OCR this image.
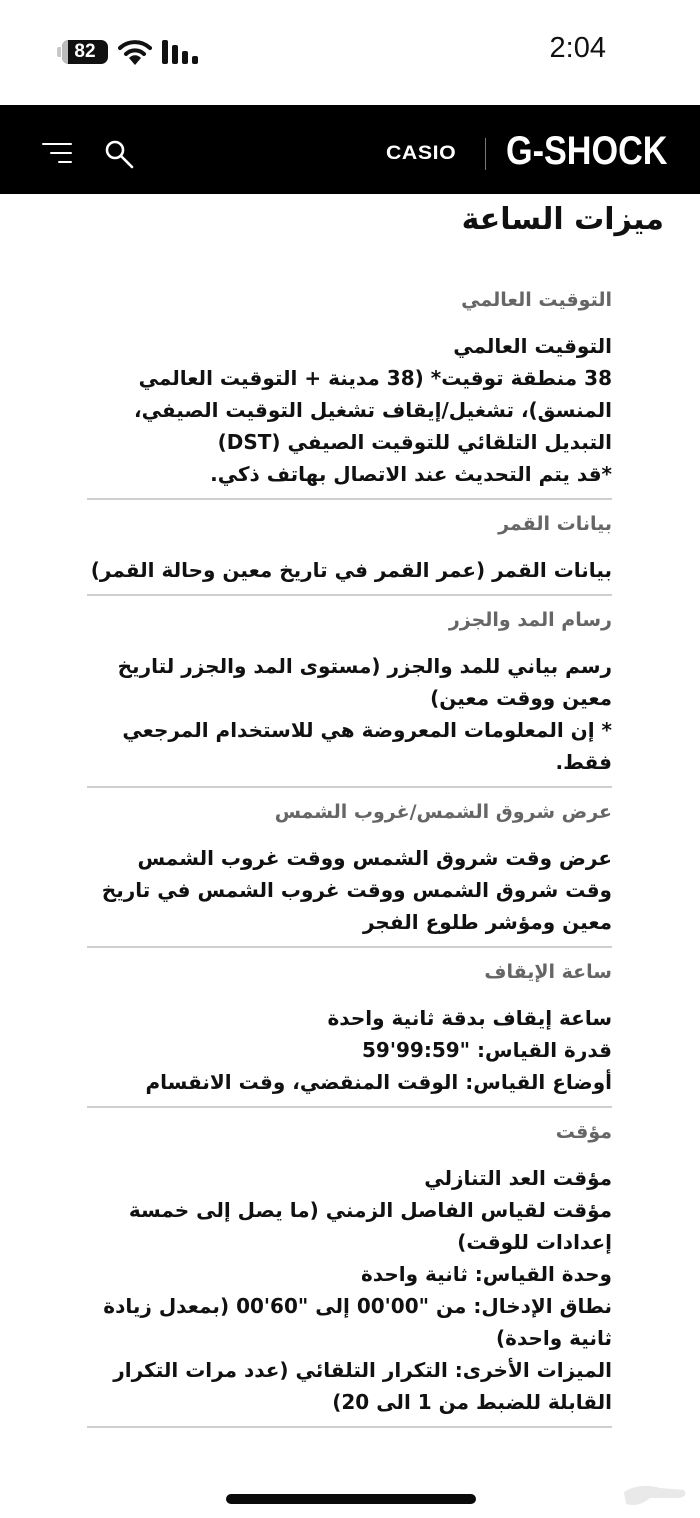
82	2:04
CASIO G-SHOCK
ميزات الساعة
التوقيت العالمي
التوقيت العالمي
38 منطقة توقيت* (38 مدينة + التوقيت العالمي المنسق)، تشغيل/إيقاف تشغيل التوقيت الصيفي، التبديل التلقائي للتوقيت الصيفي (DST)
*قد يتم التحديث عند الاتصال بهاتف ذكي.
بيانات القمر
بيانات القمر (عمر القمر في تاريخ معين وحالة القمر)
رسام المد والجزر
رسم بياني للمد والجزر (مستوى المد والجزر لتاريخ معين ووقت معين)
* إن المعلومات المعروضة هي للاستخدام المرجعي فقط.
عرض شروق الشمس/غروب الشمس
عرض وقت شروق الشمس ووقت غروب الشمس
وقت شروق الشمس ووقت غروب الشمس في تاريخ معين ومؤشر طلوع الفجر
ساعة الإيقاف
ساعة إيقاف بدقة ثانية واحدة
قدرة القياس: "99:59'59
أوضاع القياس: الوقت المنقضي، وقت الانقسام
مؤقت
مؤقت العد التنازلي
مؤقت لقياس الفاصل الزمني (ما يصل إلى خمسة إعدادات للوقت)
وحدة القياس: ثانية واحدة
نطاق الإدخال: من "00'00 إلى "60'00 (بمعدل زيادة ثانية واحدة)
الميزات الأخرى: التكرار التلقائي (عدد مرات التكرار القابلة للضبط من 1 الى 20)
